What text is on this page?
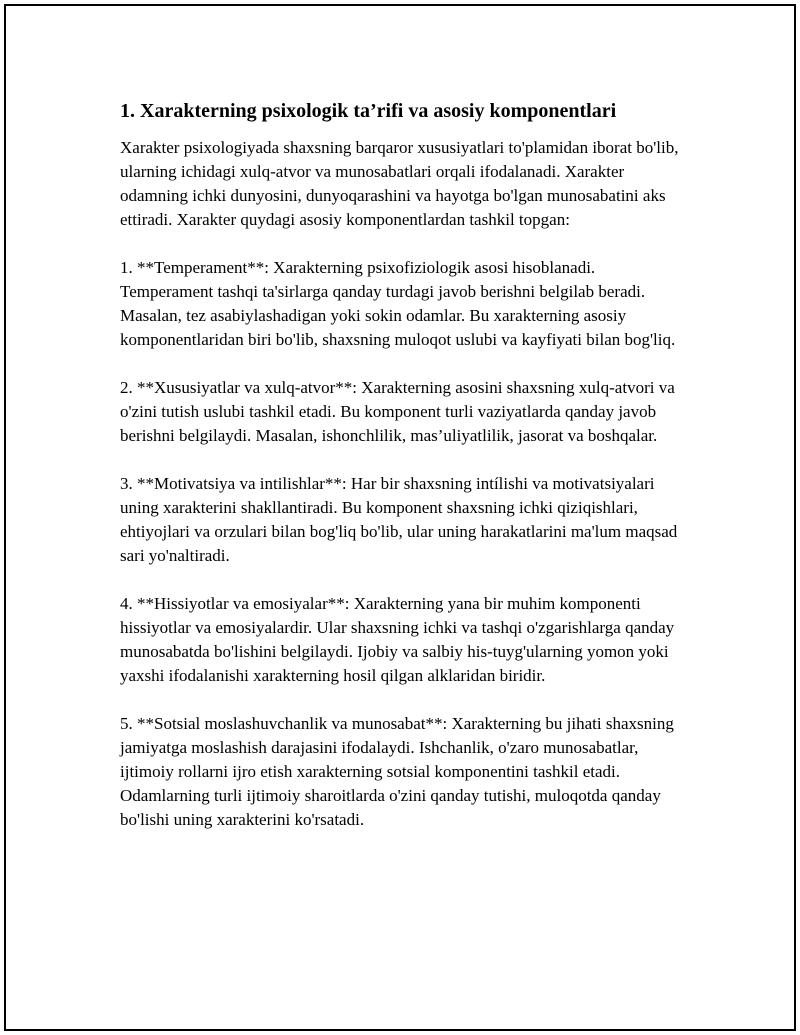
1. Xarakterning psixologik ta’rifi va asosiy komponentlari

Xarakter psixologiyada shaxsning barqaror xususiyatlari to'plamidan iborat bo'lib, ularning ichidagi xulq-atvor va munosabatlari orqali ifodalanadi. Xarakter odamning ichki dunyosini, dunyoqarashini va hayotga bo'lgan munosabatini aks ettiradi. Xarakter quydagi asosiy komponentlardan tashkil topgan:

1. **Temperament**: Xarakterning psixofiziologik asosi hisoblanadi. Temperament tashqi ta'sirlarga qanday turdagi javob berishni belgilab beradi. Masalan, tez asabiylashadigan yoki sokin odamlar. Bu xarakterning asosiy komponentlaridan biri bo'lib, shaxsning muloqot uslubi va kayfiyati bilan bog'liq.

2. **Xususiyatlar va xulq-atvor**: Xarakterning asosini shaxsning xulq-atvori va o'zini tutish uslubi tashkil etadi. Bu komponent turli vaziyatlarda qanday javob berishni belgilaydi. Masalan, ishonchlilik, mas’uliyatlilik, jasorat va boshqalar.

3. **Motivatsiya va intilishlar**: Har bir shaxsning intílishi va motivatsiyalari uning xarakterini shakllantiradi. Bu komponent shaxsning ichki qiziqishlari, ehtiyojlari va orzulari bilan bog'liq bo'lib, ular uning harakatlarini ma'lum maqsad sari yo'naltiradi.

4. **Hissiyotlar va emosiyalar**: Xarakterning yana bir muhim komponenti hissiyotlar va emosiyalardir. Ular shaxsning ichki va tashqi o'zgarishlarga qanday munosabatda bo'lishini belgilaydi. Ijobiy va salbiy his-tuyg'ularning yomon yoki yaxshi ifodalanishi xarakterning hosil qilgan alklaridan biridir.

5. **Sotsial moslashuvchanlik va munosabat**: Xarakterning bu jihati shaxsning jamiyatga moslashish darajasini ifodalaydi. Ishchanlik, o'zaro munosabatlar, ijtimoiy rollarni ijro etish xarakterning sotsial komponentini tashkil etadi. Odamlarning turli ijtimoiy sharoitlarda o'zini qanday tutishi, muloqotda qanday bo'lishi uning xarakterini ko'rsatadi.
